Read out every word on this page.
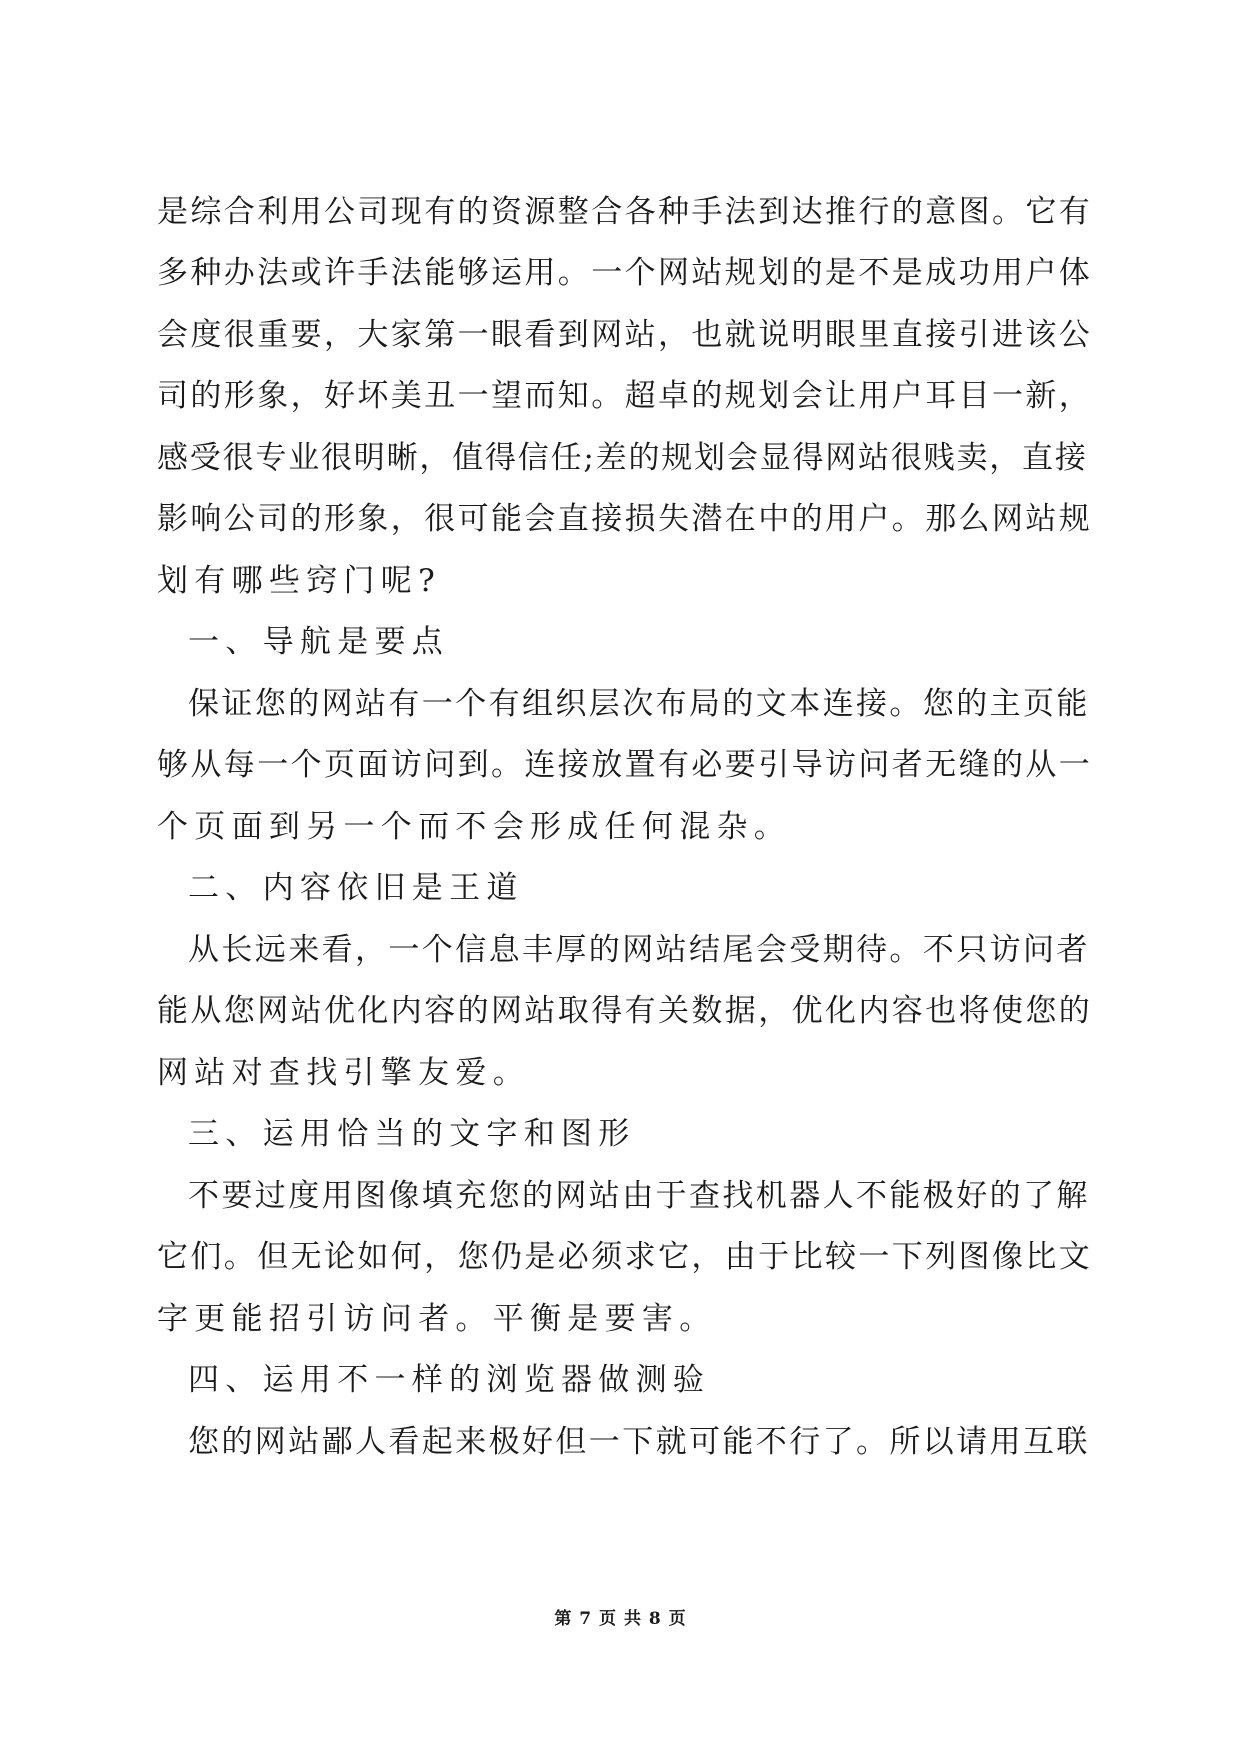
是综合利用公司现有的资源整合各种手法到达推行的意图。它有
多种办法或许手法能够运用。一个网站规划的是不是成功用户体
会度很重要，大家第一眼看到网站，也就说明眼里直接引进该公
司的形象，好坏美丑一望而知。超卓的规划会让用户耳目一新，
感受很专业很明晰，值得信任;差的规划会显得网站很贱卖，直接
影响公司的形象，很可能会直接损失潜在中的用户。那么网站规
划有哪些窍门呢?
一、导航是要点
保证您的网站有一个有组织层次布局的文本连接。您的主页能
够从每一个页面访问到。连接放置有必要引导访问者无缝的从一
个页面到另一个而不会形成任何混杂。
二、内容依旧是王道
从长远来看，一个信息丰厚的网站结尾会受期待。不只访问者
能从您网站优化内容的网站取得有关数据，优化内容也将使您的
网站对查找引擎友爱。
三、运用恰当的文字和图形
不要过度用图像填充您的网站由于查找机器人不能极好的了解
它们。但无论如何，您仍是必须求它，由于比较一下列图像比文
字更能招引访问者。平衡是要害。
四、运用不一样的浏览器做测验
您的网站鄙人看起来极好但一下就可能不行了。所以请用互联
第 7 页 共 8 页
